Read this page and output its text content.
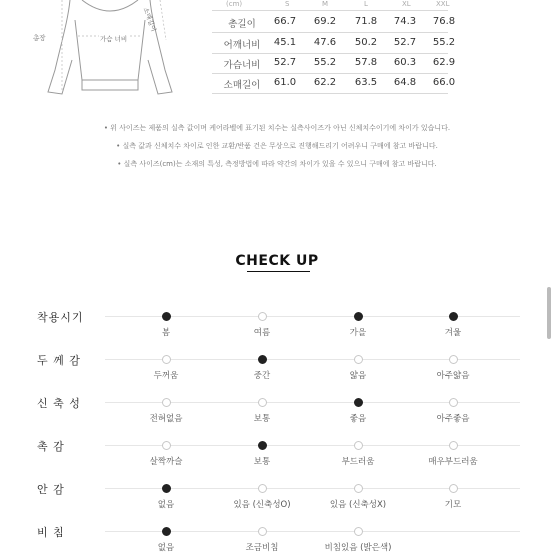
총장	가슴 너비
소매길이
(cm)	S	M	L	XL	XXL
총길이	66.7	69.2	71.8	74.3	76.8
어깨너비	45.1	47.6	50.2	52.7	55.2
가슴너비	52.7	55.2	57.8	60.3	62.9
소매길이	61.0	62.2	63.5	64.8	66.0
• 위 사이즈는 제품의 실측 값이며 케어라벨에 표기된 치수는 실측사이즈가 아닌 신체치수이기에 차이가 있습니다.
• 실측 값과 신체치수 차이로 인한 교환/반품 건은 무상으로 진행해드리기 어려우니 구매에 참고 바랍니다.
• 실측 사이즈(cm)는 소재의 특성, 측정방법에 따라 약간의 차이가 있을 수 있으니 구매에 참고 바랍니다.
CHECK UP
착용시기
봄	여름	가을	겨울
두 께 감
두꺼움	중간	얇음	아주얇음
신 축 성
전혀없음	보통	좋음	아주좋음
촉 감
살짝까슬	보통	부드러움	매우부드러움
안 감
없음	있음 (신축성O)	있음 (신축성X)	기모
비 침
없음	조금비침	비침있음 (밝은색)
